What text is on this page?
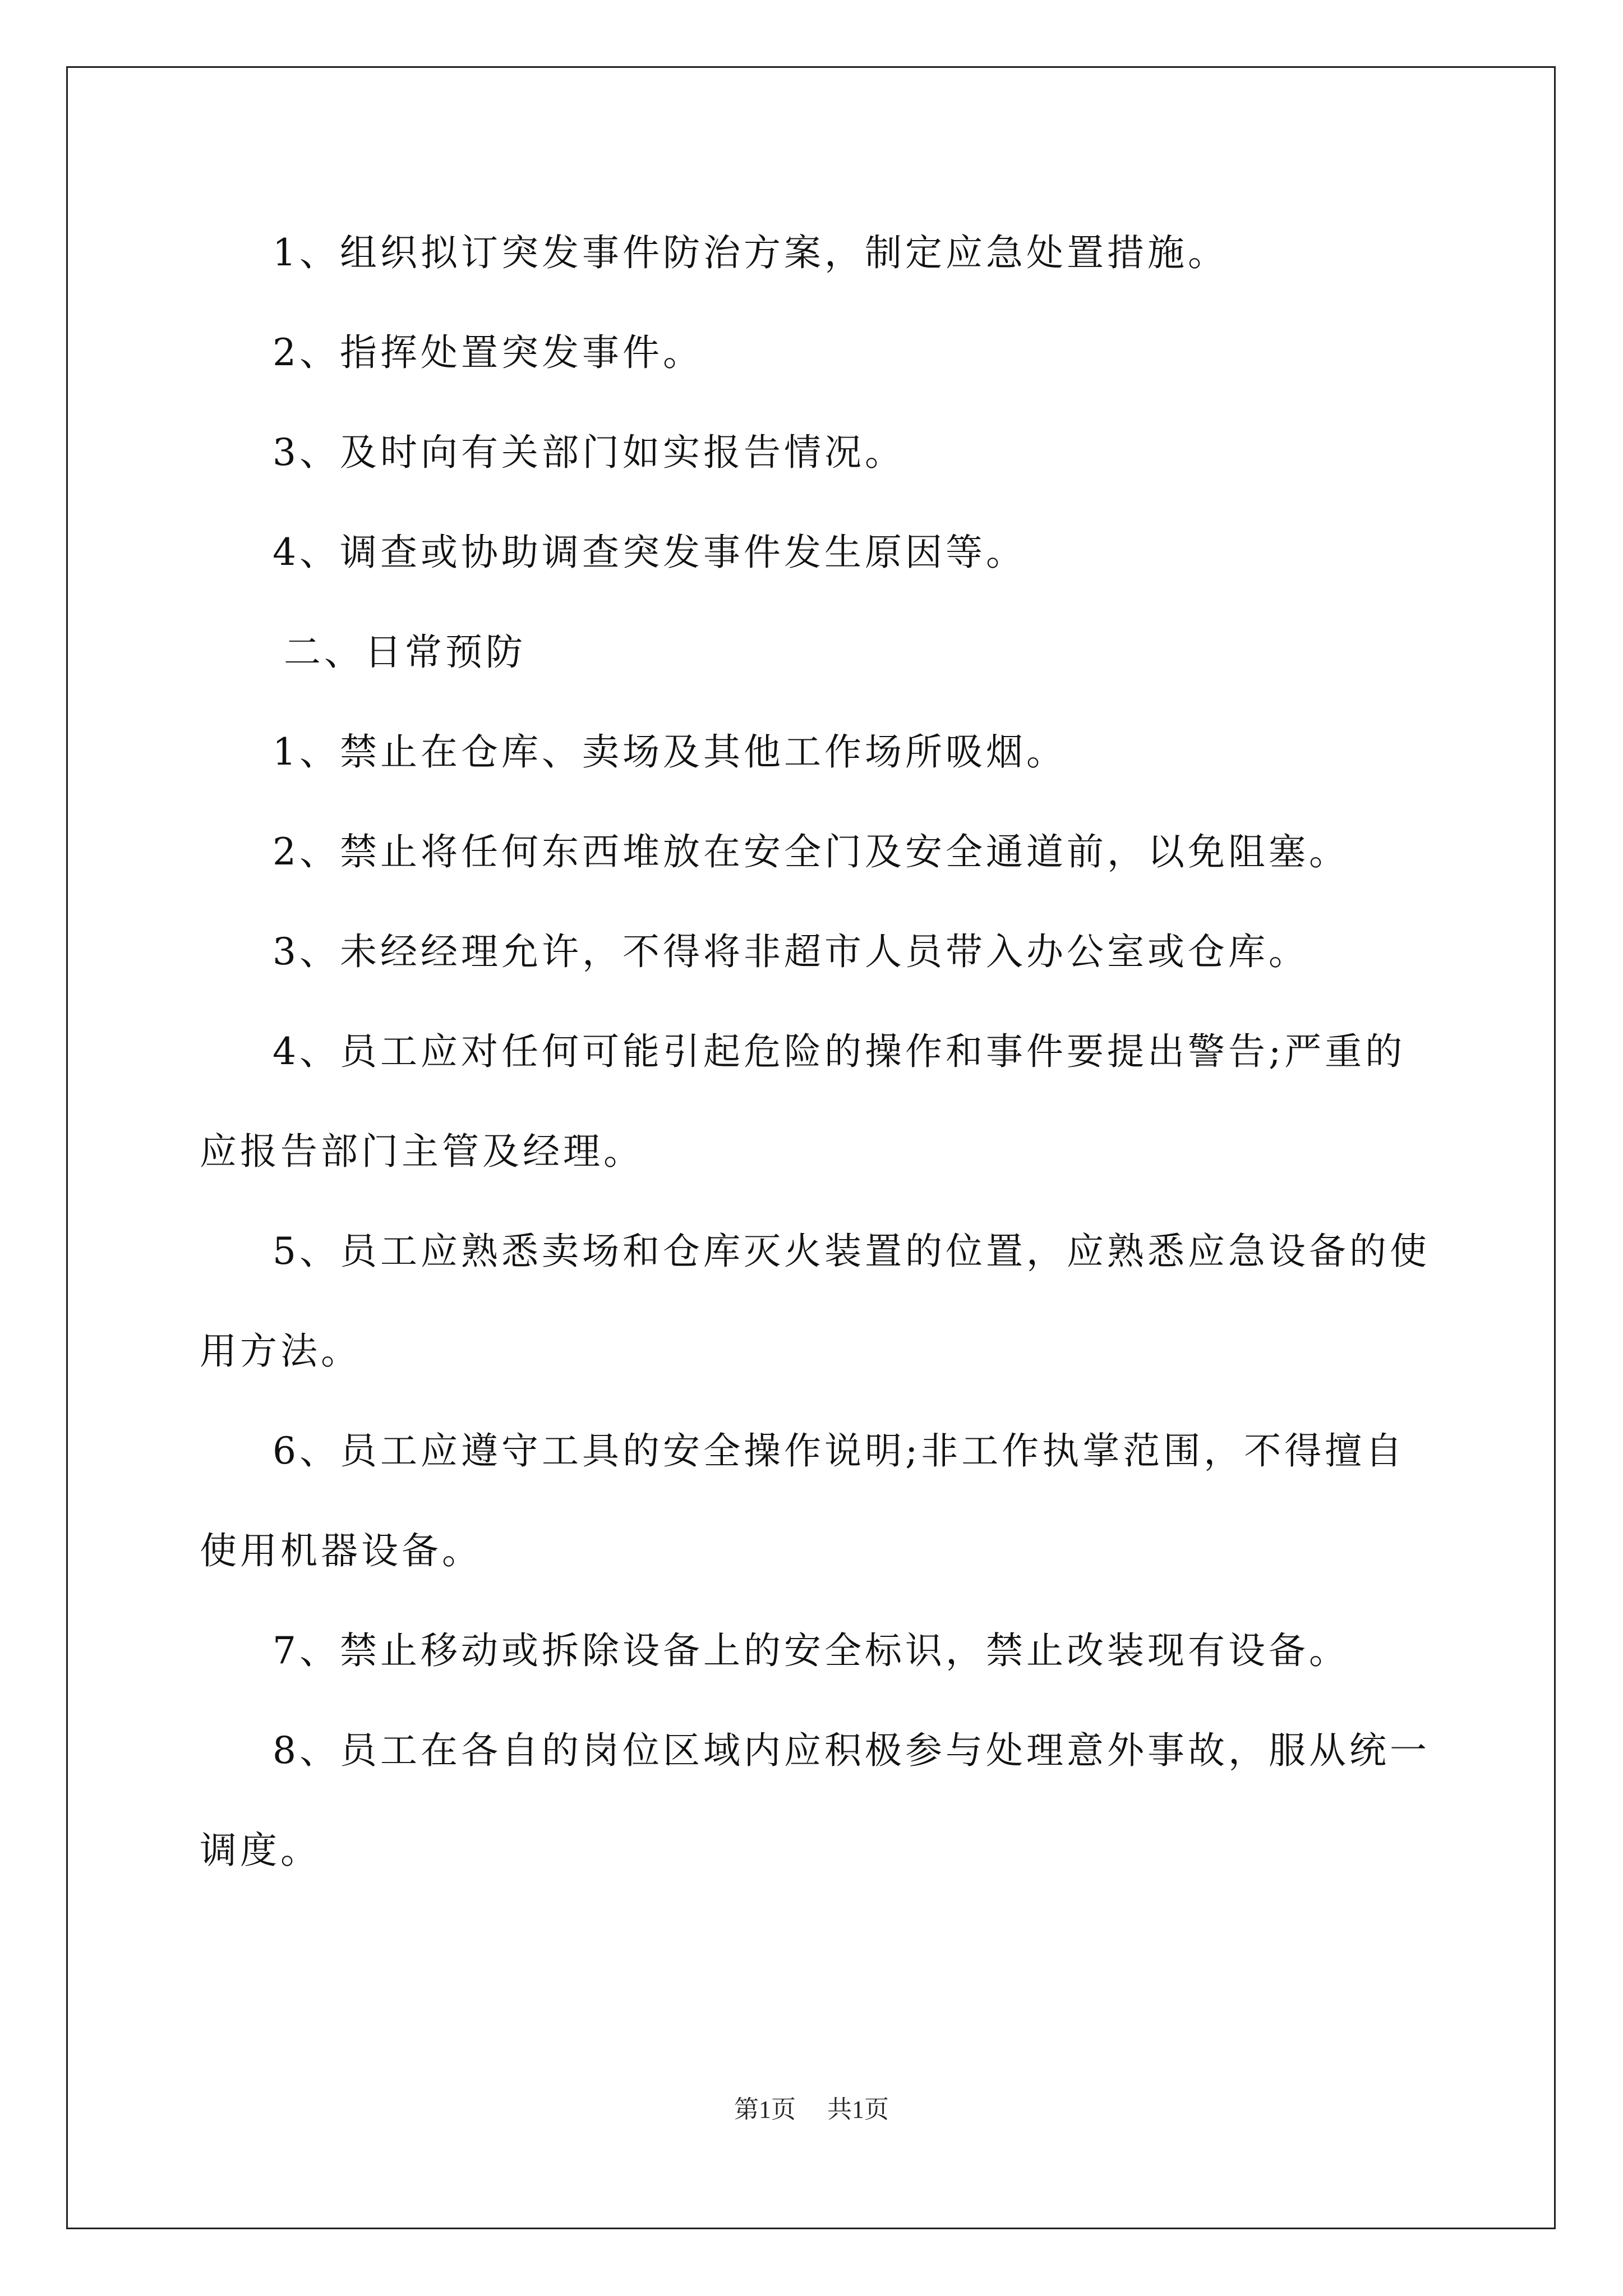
1、组织拟订突发事件防治方案，制定应急处置措施。
2、指挥处置突发事件。
3、及时向有关部门如实报告情况。
4、调查或协助调查突发事件发生原因等。
二、日常预防
1、禁止在仓库、卖场及其他工作场所吸烟。
2、禁止将任何东西堆放在安全门及安全通道前，以免阻塞。
3、未经经理允许，不得将非超市人员带入办公室或仓库。
4、员工应对任何可能引起危险的操作和事件要提出警告;严重的
应报告部门主管及经理。
5、员工应熟悉卖场和仓库灭火装置的位置，应熟悉应急设备的使
用方法。
6、员工应遵守工具的安全操作说明;非工作执掌范围，不得擅自
使用机器设备。
7、禁止移动或拆除设备上的安全标识，禁止改装现有设备。
8、员工在各自的岗位区域内应积极参与处理意外事故，服从统一
调度。
第1页 共1页
